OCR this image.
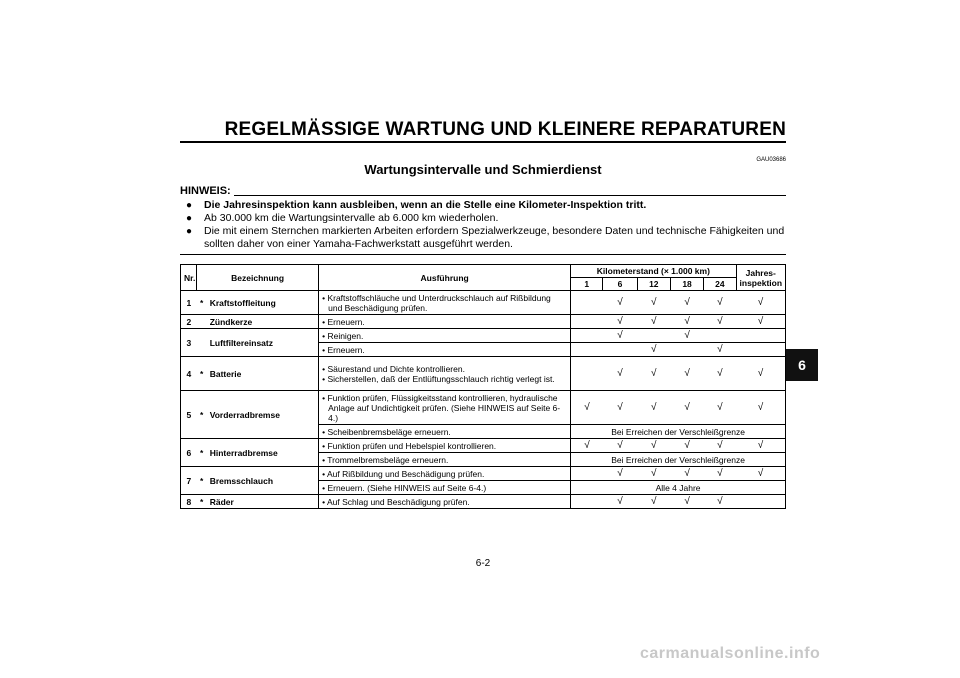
REGELMÄSSIGE WARTUNG UND KLEINERE REPARATUREN
6
GAU03686
Wartungsintervalle und Schmierdienst
HINWEIS:
● Die Jahresinspektion kann ausbleiben, wenn an die Stelle eine Kilometer-Inspektion tritt.
● Ab 30.000 km die Wartungsintervalle ab 6.000 km wiederholen.
● Die mit einem Sternchen markierten Arbeiten erfordern Spezialwerkzeuge, besondere Daten und technische Fähigkeiten und sollten daher von einer Yamaha-Fachwerkstatt ausgeführt werden.
Nr.	Bezeichnung		Ausführung	Kilometerstand (× 1.000 km)					Jahres-inspektion
				1	6	12	18	24	
1	*	Kraftstoffleitung	• Kraftstoffschläuche und Unterdruckschlauch auf Rißbildung und Beschädigung prüfen.		√	√	√	√	√
2		Zündkerze	• Erneuern.		√	√	√	√	√
3		Luftfiltereinsatz	• Reinigen.		√		√		
			• Erneuern.			√		√	
4	*	Batterie	• Säurestand und Dichte kontrollieren.
• Sicherstellen, daß der Entlüftungsschlauch richtig verlegt ist.		√	√	√	√	√
5	*	Vorderradbremse	• Funktion prüfen, Flüssigkeitsstand kontrollieren, hydraulische Anlage auf Undichtigkeit prüfen. (Siehe HINWEIS auf Seite 6-4.)	√	√	√	√	√	√
			• Scheibenbremsbeläge erneuern.	Bei Erreichen der Verschleißgrenze					
6	*	Hinterradbremse	• Funktion prüfen und Hebelspiel kontrollieren.	√	√	√	√	√	√
			• Trommelbremsbeläge erneuern.	Bei Erreichen der Verschleißgrenze					
7	*	Bremsschlauch	• Auf Rißbildung und Beschädigung prüfen.		√	√	√	√	√
			• Erneuern. (Siehe HINWEIS auf Seite 6-4.)	Alle 4 Jahre					
8	*	Räder	• Auf Schlag und Beschädigung prüfen.		√	√	√	√	
6-2
carmanualsonline.info
